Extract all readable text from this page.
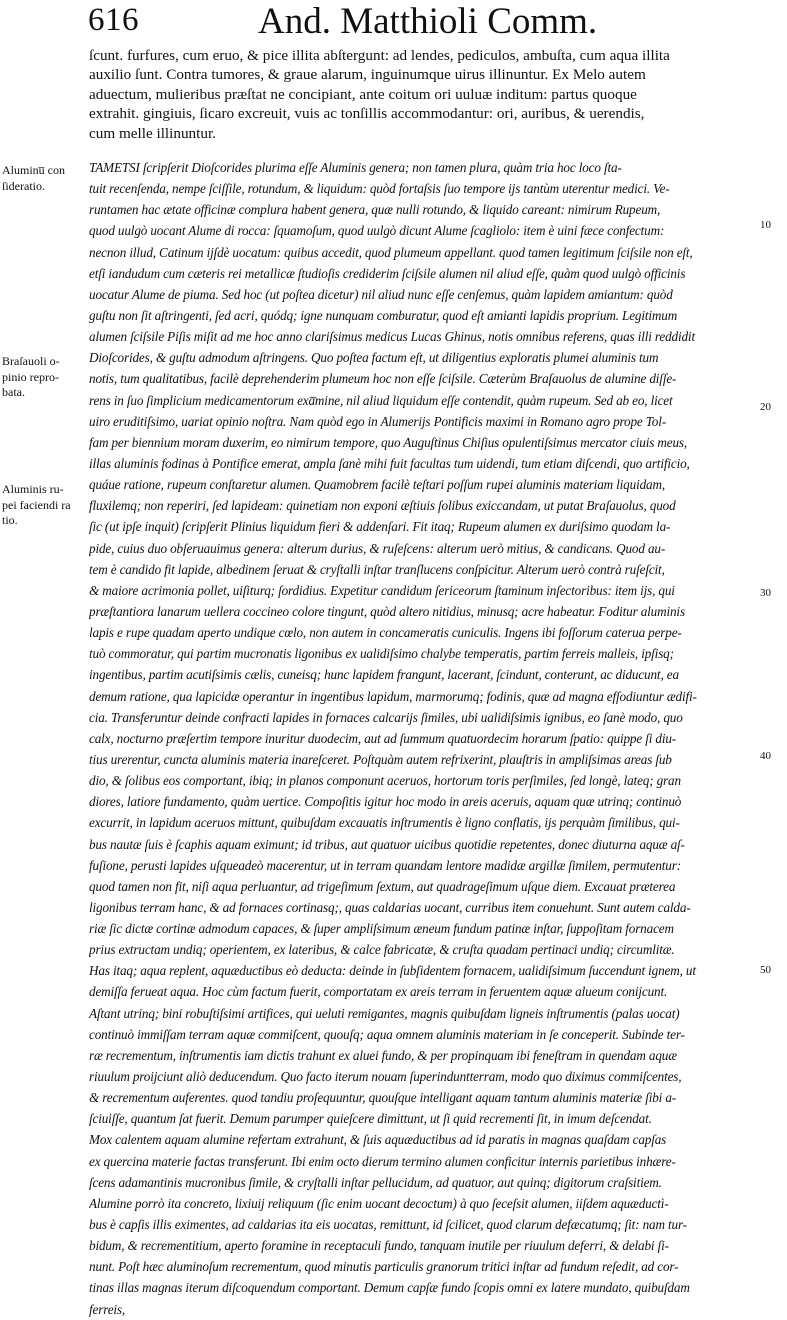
616	And. Matthioli Comm.
ſcunt. furfures, cum eruo, & pice illita abſtergunt: ad lendes, pediculos, ambuſta, cum aqua illita
auxilio ſunt. Contra tumores, & graue alarum, inguinumque uirus illinuntur. Ex Melo autem
aduectum, mulieribus præſtat ne concipiant, ante coitum ori uuluæ inditum: partus quoque
extrahit. gingiuis, ſicaro excreuit, vuis ac tonſillis accommodantur: ori, auribus, & uerendis,
cum melle illinuntur.
TAMETSI ſcripſerit Dioſcorides plurima eſſe Aluminis genera; non tamen plura, quàm tria hoc loco ſta-
tuit recenſenda, nempe ſciſſile, rotundum, & liquidum: quòd fortaſsis ſuo tempore ijs tantùm uterentur medici. Ve-
runtamen hac ætate officinæ complura habent genera, quæ nulli rotundo, & liquido careant: nimirum Rupeum,
quod uulgò uocant Alume di rocca: ſquamoſum, quod uulgò dicunt Alume ſcagliolo: item è uini fæce confectum:
necnon illud, Catinum ijſdè uocatum: quibus accedit, quod plumeum appellant. quod tamen legitimum ſciſsile non eſt,
etſi iandudum cum cæteris rei metallicæ ſtudioſis crediderim ſciſsile alumen nil aliud eſſe, quàm quod uulgò officinis
uocatur Alume de piuma. Sed hoc (ut poſtea dicetur) nil aliud nunc eſſe cenſemus, quàm lapidem amiantum: quòd
guſtu non ſit aſtringenti, ſed acri, quódq; igne nunquam comburatur, quod eſt amianti lapidis proprium. Legitimum
alumen ſciſsile Piſis miſit ad me hoc anno clariſsimus medicus Lucas Ghinus, notis omnibus referens, quas illi reddidit
Dioſcorides, & guſtu admodum aſtringens. Quo poſtea factum eſt, ut diligentius exploratis plumei aluminis tum
notis, tum qualitatibus, facilè deprehenderim plumeum hoc non eſſe ſciſsile. Cæterùm Braſauolus de alumine diſſe-
rens in ſuo ſimplicium medicamentorum exa̅mine, nil aliud liquidum eſſe contendit, quàm rupeum. Sed ab eo, licet
uiro eruditiſsimo, uariat opinio noſtra. Nam quòd ego in Alumerijs Pontificis maximi in Romano agro prope Tol-
fam per biennium moram duxerim, eo nimirum tempore, quo Auguſtinus Chiſius opulentiſsimus mercator ciuis meus,
illas aluminis fodinas à Pontifice emerat, ampla ſanè mihi fuit facultas tum uidendi, tum etiam diſcendi, quo artificio,
quáue ratione, rupeum conſtaretur alumen. Quamobrem facilè teſtari poſſum rupei aluminis materiam liquidam,
fluxilemq; non reperiri, ſed lapideam: quinetiam non exponi æſtiuis ſolibus exiccandam, ut putat Braſauolus, quod
ſic (ut ipſe inquit) ſcripſerit Plinius liquidum fieri & addenſari. Fit itaq; Rupeum alumen ex duriſsimo quodam la-
pide, cuius duo obſeruauimus genera: alterum durius, & ruſeſcens: alterum uerò mitius, & candicans. Quod au-
tem è candido fit lapide, albedinem ſeruat & cryſtalli inſtar tranſlucens conſpicitur. Alterum uerò contrà ruſeſcit,
& maiore acrimonia pollet, uiſiturq; ſordidius. Expetitur candidum ſericeorum ſtaminum inſectoribus: item ijs, qui
præſtantiora lanarum uellera coccineo colore tingunt, quòd altero nitidius, minusq; acre habeatur. Foditur aluminis
lapis e rupe quadam aperto undique cœlo, non autem in concameratis cuniculis. Ingens ibi foſſorum caterua perpe-
tuò commoratur, qui partim mucronatis ligonibus ex ualidiſsimo chalybe temperatis, partim ferreis malleis, ipſisq;
ingentibus, partim acutiſsimis cælis, cuneisq; hunc lapidem frangunt, lacerant, ſcindunt, conterunt, ac diducunt, ea
demum ratione, qua lapicidæ operantur in ingentibus lapidum, marmorumq; fodinis, quæ ad magna efſodiuntur ædifi-
cia. Transferuntur deinde confracti lapides in fornaces calcarijs ſimiles, ubi ualidiſsimis ignibus, eo ſanè modo, quo
calx, nocturno præſertim tempore inuritur duodecim, aut ad ſummum quatuordecim horarum ſpatio: quippe ſi diu-
tius urerentur, cuncta aluminis materia inareſceret. Poſtquàm autem refrixerint, plauſtris in ampliſsimas areas ſub
dio, & ſolibus eos comportant, ibiq; in planos componunt aceruos, hortorum toris perſimiles, ſed longè, lateq; gran
diores, latiore fundamento, quàm uertice. Compoſitis igitur hoc modo in areis aceruis, aquam quæ utrinq; continuò
excurrit, in lapidum aceruos mittunt, quibuſdam excauatis inſtrumentis è ligno conflatis, ijs perquàm ſimilibus, qui-
bus nautæ ſuis è ſcaphis aquam eximunt; id tribus, aut quatuor uicibus quotidie repetentes, donec diuturna aquæ aſ-
fuſione, perusti lapides uſqueadeò macerentur, ut in terram quandam lentore madidæ argillæ ſimilem, permutentur:
quod tamen non fit, niſi aqua perluantur, ad trigeſimum ſextum, aut quadrageſimum uſque diem. Excauat præterea
ligonibus terram hanc, & ad fornaces cortinasq;, quas caldarias uocant, curribus item conuehunt. Sunt autem calda-
riæ ſic dictæ cortinæ admodum capaces, & ſuper ampliſsimum æneum fundum patinæ inſtar, ſuppoſitam fornacem
prius extructam undiq; operientem, ex lateribus, & calce fabricatæ, & cruſta quadam pertinaci undiq; circumlitæ.
Has itaq; aqua replent, aquæductibus eò deducta: deinde in ſubſidentem fornacem, ualidiſsimum ſuccendunt ignem, ut
demiſſa ferueat aqua. Hoc cùm factum fuerit, comportatam ex areis terram in feruentem aquæ alueum conijcunt.
Aſtant utrinq; bini robuſtiſsimi artifices, qui ueluti remigantes, magnis quibuſdam ligneis inſtrumentis (palas uocat)
continuò immiſſam terram aquæ commiſcent, quouſq; aqua omnem aluminis materiam in ſe conceperit. Subinde ter-
ræ recrementum, inſtrumentis iam dictis trahunt ex aluei fundo, & per propinquam ibi feneſtram in quendam aquæ
riuulum proijciunt aliò deducendum. Quo facto iterum nouam ſuperinduntterram, modo quo diximus commiſcentes,
& recrementum auferentes. quod tandiu proſequuntur, quouſque intelligant aquam tantum aluminis materiæ ſibi a-
ſciuiſſe, quantum ſat fuerit. Demum parumper quieſcere dimittunt, ut ſi quid recrementi ſit, in imum deſcendat.
Mox calentem aquam alumine refertam extrahunt, & ſuis aquæductibus ad id paratis in magnas quaſdam capſas
ex quercina materie factas transferunt. Ibi enim octo dierum termino alumen conficitur internis parietibus inhære-
ſcens adamantinis mucronibus ſimile, & cryſtalli inſtar pellucidum, ad quatuor, aut quinq; digitorum craſsitiem.
Alumine porrò ita concreto, lixiuij reliquum (ſic enim uocant decoctum) à quo ſeceſsit alumen, iiſdem aquæductì-
bus è capſis illis eximentes, ad caldarias ita eis uocatas, remittunt, id ſcilicet, quod clarum defæcatumq; ſit: nam tur-
bidum, & recrementitium, aperto foramine in receptaculi fundo, tanquam inutile per riuulum deferri, & delabi ſi-
nunt. Poſt hæc aluminoſum recrementum, quod minutis particulis granorum tritici inſtar ad fundum reſedit, ad cor-
tinas illas magnas iterum diſcoquendum comportant. Demum capſæ fundo ſcopis omni ex latere mundato, quibuſdam
ferreis,
Aluminu̅ con
ſideratio.
Braſauoli o-
pinio repro-
bata.
Aluminis ru-
pei faciendi ra
tio.
10
20
30
40
50
